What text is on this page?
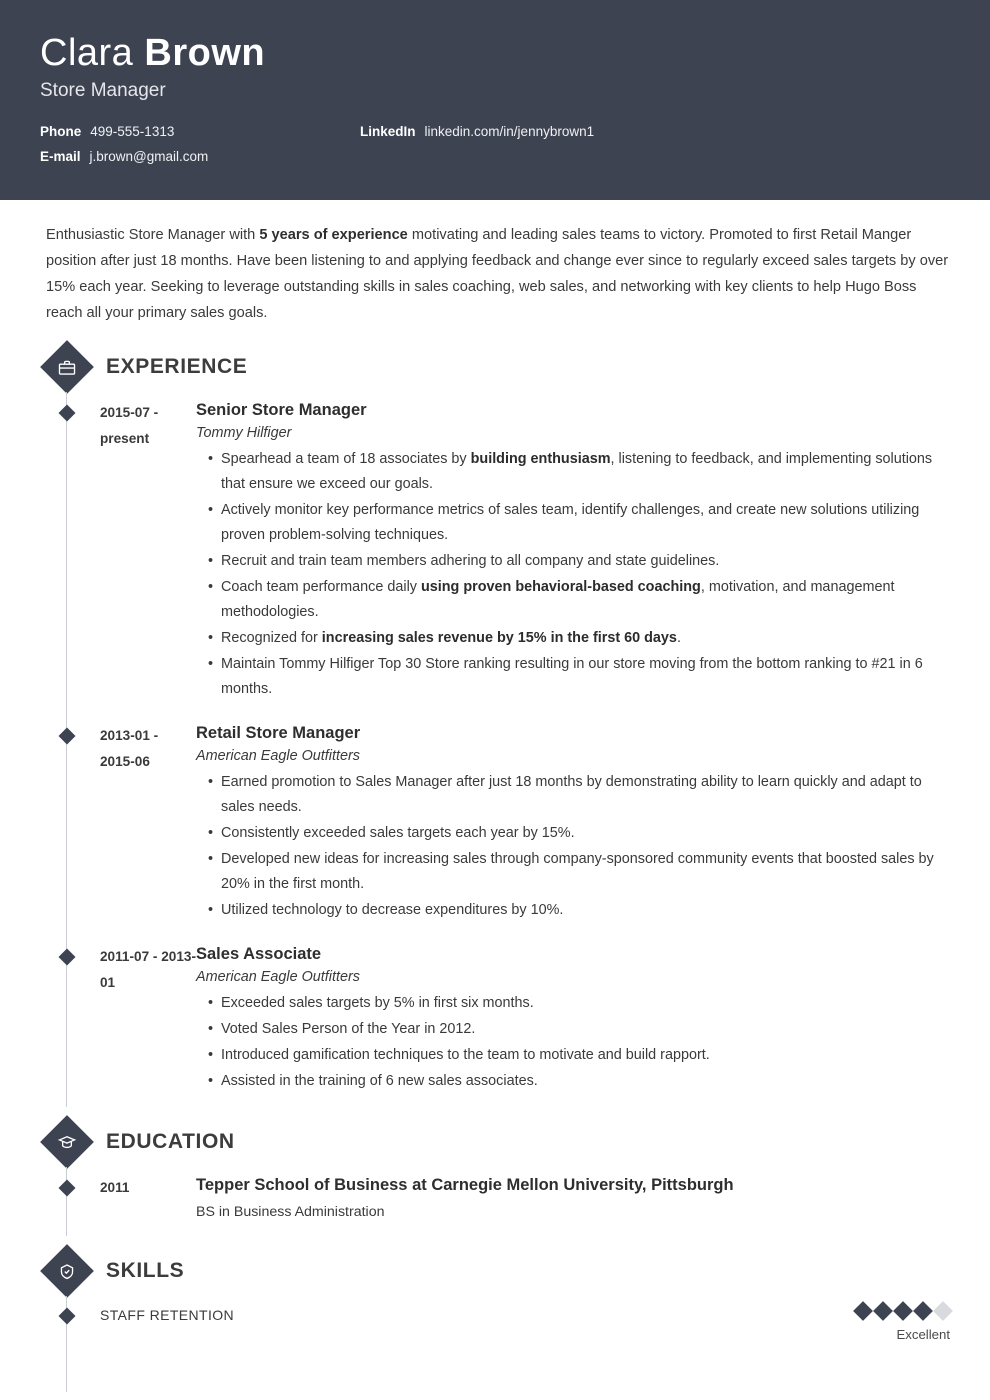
Clara Brown
Store Manager
Phone 499-555-1313	LinkedIn linkedin.com/in/jennybrown1
E-mail j.brown@gmail.com
Enthusiastic Store Manager with 5 years of experience motivating and leading sales teams to victory. Promoted to first Retail Manger position after just 18 months. Have been listening to and applying feedback and change ever since to regularly exceed sales targets by over 15% each year. Seeking to leverage outstanding skills in sales coaching, web sales, and networking with key clients to help Hugo Boss reach all your primary sales goals.
EXPERIENCE
2015-07 - present
Senior Store Manager
Tommy Hilfiger
• Spearhead a team of 18 associates by building enthusiasm, listening to feedback, and implementing solutions that ensure we exceed our goals.
• Actively monitor key performance metrics of sales team, identify challenges, and create new solutions utilizing proven problem-solving techniques.
• Recruit and train team members adhering to all company and state guidelines.
• Coach team performance daily using proven behavioral-based coaching, motivation, and management methodologies.
• Recognized for increasing sales revenue by 15% in the first 60 days.
• Maintain Tommy Hilfiger Top 30 Store ranking resulting in our store moving from the bottom ranking to #21 in 6 months.
2013-01 - 2015-06
Retail Store Manager
American Eagle Outfitters
• Earned promotion to Sales Manager after just 18 months by demonstrating ability to learn quickly and adapt to sales needs.
• Consistently exceeded sales targets each year by 15%.
• Developed new ideas for increasing sales through company-sponsored community events that boosted sales by 20% in the first month.
• Utilized technology to decrease expenditures by 10%.
2011-07 - 2013-01
Sales Associate
American Eagle Outfitters
• Exceeded sales targets by 5% in first six months.
• Voted Sales Person of the Year in 2012.
• Introduced gamification techniques to the team to motivate and build rapport.
• Assisted in the training of 6 new sales associates.
EDUCATION
2011	Tepper School of Business at Carnegie Mellon University, Pittsburgh
BS in Business Administration
SKILLS
STAFF RETENTION
Excellent
